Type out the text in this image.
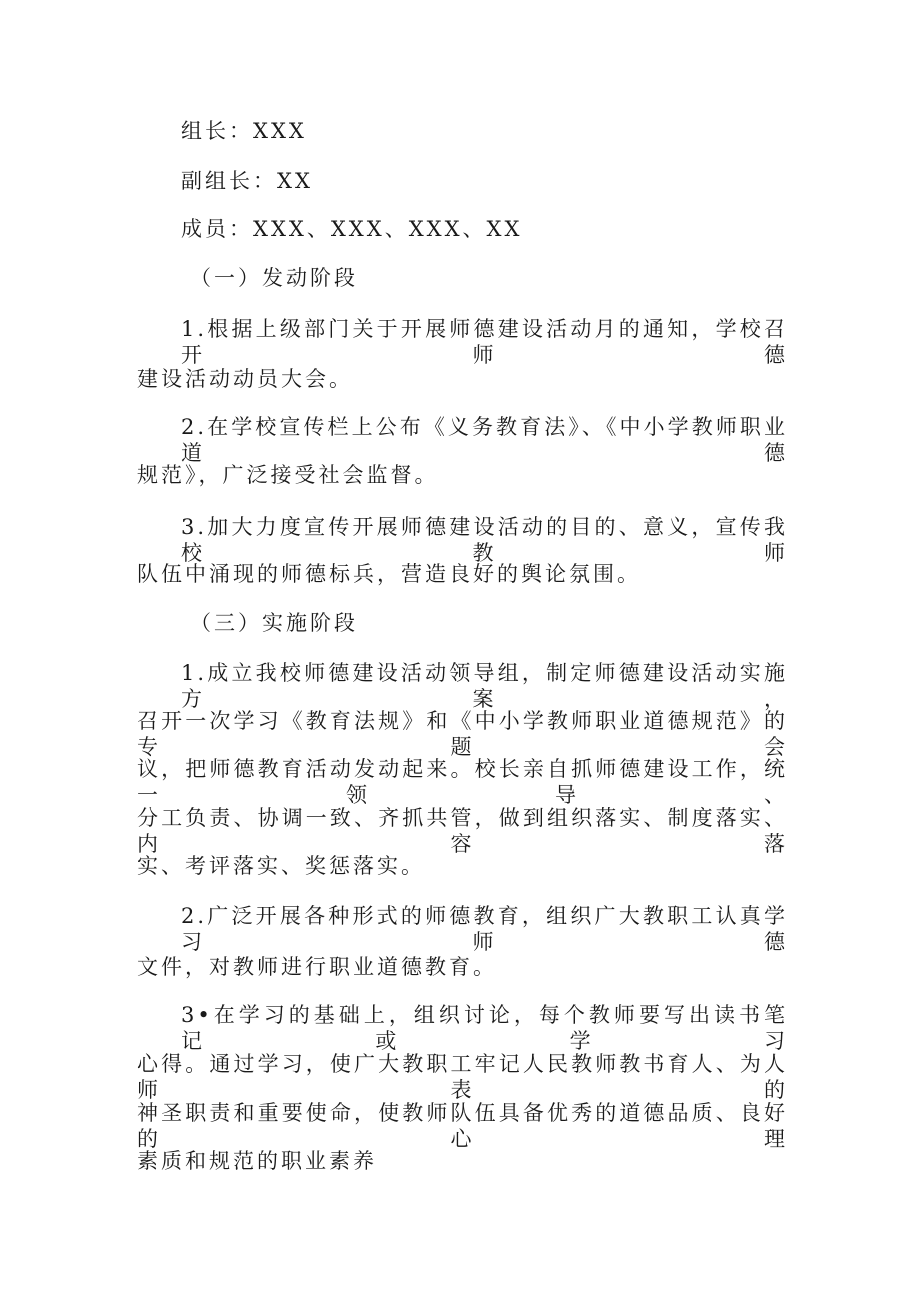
组长：XXX
副组长：XX
成员：XXX、XXX、XXX、XX
（一）发动阶段
1.根据上级部门关于开展师德建设活动月的通知，学校召开师德
建设活动动员大会。
2.在学校宣传栏上公布《义务教育法》、《中小学教师职业道德
规范》，广泛接受社会监督。
3.加大力度宣传开展师德建设活动的目的、意义，宣传我校教师
队伍中涌现的师德标兵，营造良好的舆论氛围。
（三）实施阶段
1.成立我校师德建设活动领导组，制定师德建设活动实施方案，
召开一次学习《教育法规》和《中小学教师职业道德规范》的专题会
议，把师德教育活动发动起来。校长亲自抓师德建设工作，统一领导、
分工负责、协调一致、齐抓共管，做到组织落实、制度落实、内容落
实、考评落实、奖惩落实。
2.广泛开展各种形式的师德教育，组织广大教职工认真学习师德
文件，对教师进行职业道德教育。
3•在学习的基础上，组织讨论，每个教师要写出读书笔记或学习
心得。通过学习，使广大教职工牢记人民教师教书育人、为人师表的
神圣职责和重要使命，使教师队伍具备优秀的道德品质、良好的心理
素质和规范的职业素养
